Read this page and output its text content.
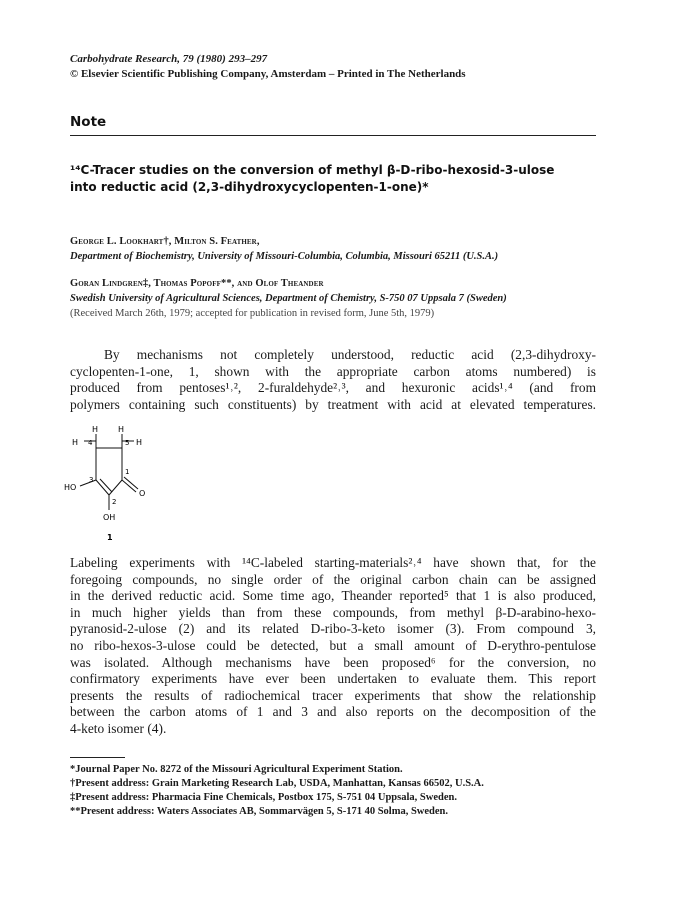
Carbohydrate Research, 79 (1980) 293–297
© Elsevier Scientific Publishing Company, Amsterdam – Printed in The Netherlands
Note
¹⁴C-Tracer studies on the conversion of methyl β-D-ribo-hexosid-3-ulose
into reductic acid (2,3-dihydroxycyclopenten-1-one)*
George L. Lookhart†, Milton S. Feather,
Department of Biochemistry, University of Missouri-Columbia, Columbia, Missouri 65211 (U.S.A.)
Goran Lindgren‡, Thomas Popoff**, and Olof Theander
Swedish University of Agricultural Sciences, Department of Chemistry, S-750 07 Uppsala 7 (Sweden)
(Received March 26th, 1979; accepted for publication in revised form, June 5th, 1979)
By mechanisms not completely understood, reductic acid (2,3-dihydroxy-
cyclopenten-1-one, 1, shown with the appropriate carbon atoms numbered) is
produced from pentoses¹˒², 2-furaldehyde²˒³, and hexuronic acids¹˒⁴ (and from
polymers containing such constituents) by treatment with acid at elevated temperatures.
H H
H	H
4	5
3
1
2
HO
O
OH
1
Labeling experiments with ¹⁴C-labeled starting-materials²˒⁴ have shown that, for the
foregoing compounds, no single order of the original carbon chain can be assigned
in the derived reductic acid. Some time ago, Theander reported⁵ that 1 is also produced,
in much higher yields than from these compounds, from methyl β-D-arabino-hexo-
pyranosid-2-ulose (2) and its related D-ribo-3-keto isomer (3). From compound 3,
no ribo-hexos-3-ulose could be detected, but a small amount of D-erythro-pentulose
was isolated. Although mechanisms have been proposed⁶ for the conversion, no
confirmatory experiments have ever been undertaken to evaluate them. This report
presents the results of radiochemical tracer experiments that show the relationship
between the carbon atoms of 1 and 3 and also reports on the decomposition of the
4-keto isomer (4).
*Journal Paper No. 8272 of the Missouri Agricultural Experiment Station.
†Present address: Grain Marketing Research Lab, USDA, Manhattan, Kansas 66502, U.S.A.
‡Present address: Pharmacia Fine Chemicals, Postbox 175, S-751 04 Uppsala, Sweden.
**Present address: Waters Associates AB, Sommarvägen 5, S-171 40 Solma, Sweden.
